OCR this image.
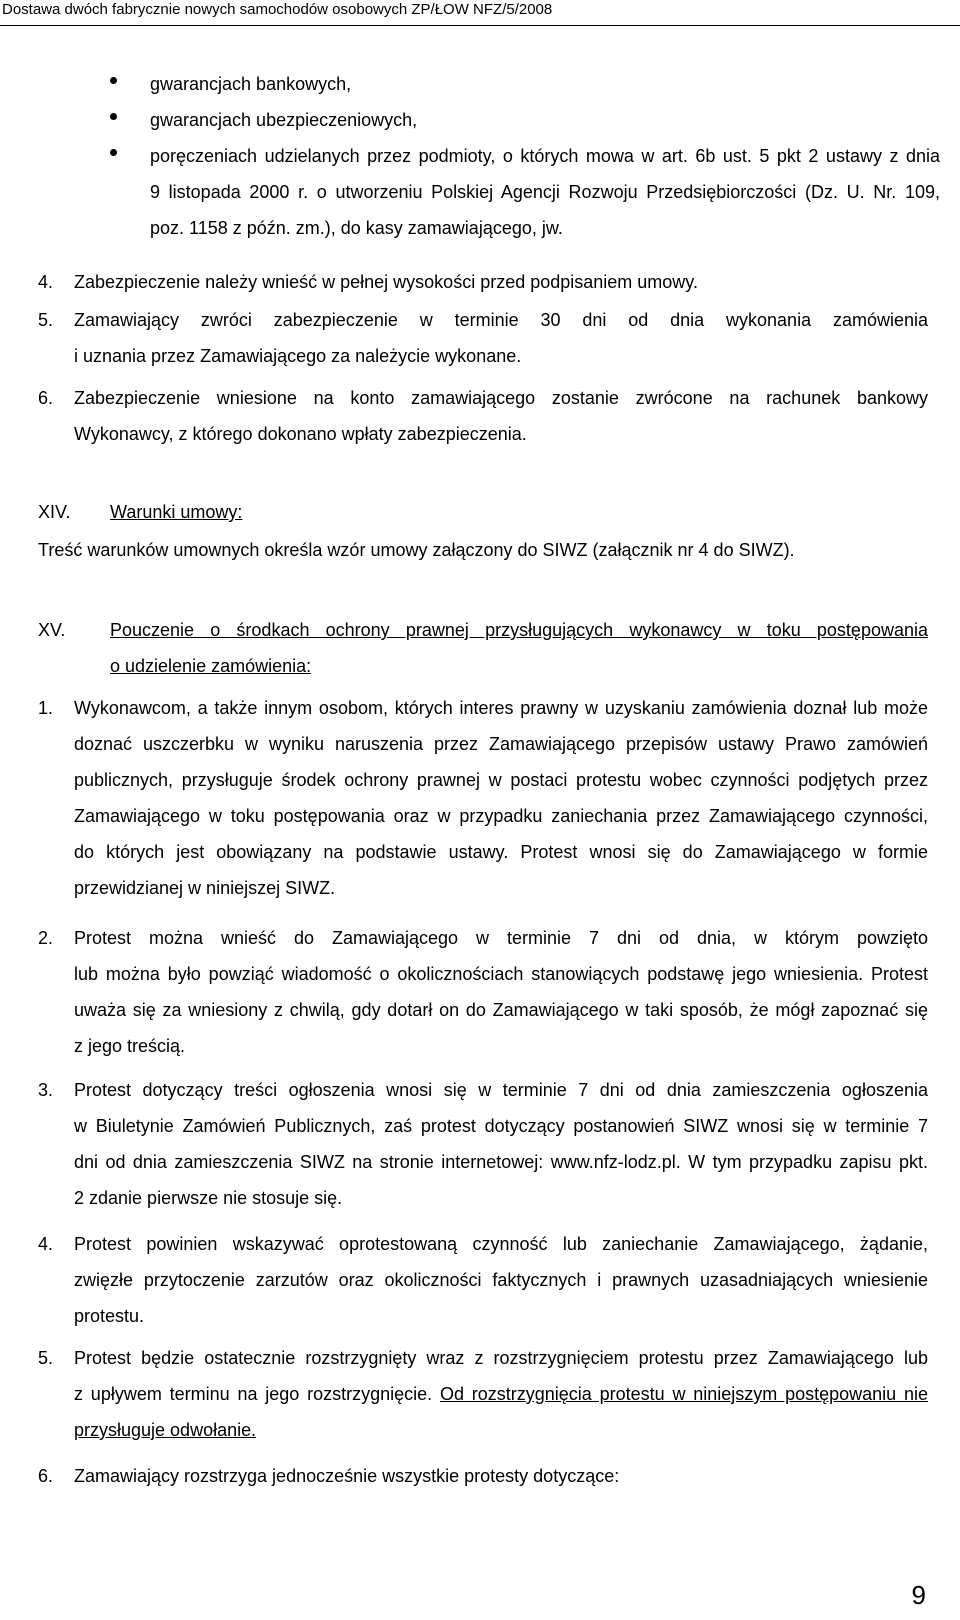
Dostawa dwóch fabrycznie nowych samochodów osobowych ZP/ŁOW NFZ/5/2008
gwarancjach bankowych,
gwarancjach ubezpieczeniowych,
poręczeniach udzielanych przez podmioty, o których mowa w art. 6b ust. 5 pkt 2 ustawy z dnia
9 listopada 2000 r. o utworzeniu Polskiej Agencji Rozwoju Przedsiębiorczości (Dz. U. Nr. 109,
poz. 1158 z późn. zm.), do kasy zamawiającego, jw.
4. Zabezpieczenie należy wnieść w pełnej wysokości przed podpisaniem umowy.
5. Zamawiający zwróci zabezpieczenie w terminie 30 dni od dnia wykonania zamówienia
i uznania przez Zamawiającego za należycie wykonane.
6. Zabezpieczenie wniesione na konto zamawiającego zostanie zwrócone na rachunek bankowy
Wykonawcy, z którego dokonano wpłaty zabezpieczenia.
XIV. Warunki umowy:
Treść warunków umownych określa wzór umowy załączony do SIWZ (załącznik nr 4 do SIWZ).
XV. Pouczenie o środkach ochrony prawnej przysługujących wykonawcy w toku postępowania
o udzielenie zamówienia:
1. Wykonawcom, a także innym osobom, których interes prawny w uzyskaniu zamówienia doznał lub może
doznać uszczerbku w wyniku naruszenia przez Zamawiającego przepisów ustawy Prawo zamówień
publicznych, przysługuje środek ochrony prawnej w postaci protestu wobec czynności podjętych przez
Zamawiającego w toku postępowania oraz w przypadku zaniechania przez Zamawiającego czynności,
do których jest obowiązany na podstawie ustawy. Protest wnosi się do Zamawiającego w formie
przewidzianej w niniejszej SIWZ.
2. Protest można wnieść do Zamawiającego w terminie 7 dni od dnia, w którym powzięto
lub można było powziąć wiadomość o okolicznościach stanowiących podstawę jego wniesienia. Protest
uważa się za wniesiony z chwilą, gdy dotarł on do Zamawiającego w taki sposób, że mógł zapoznać się
z jego treścią.
3. Protest dotyczący treści ogłoszenia wnosi się w terminie 7 dni od dnia zamieszczenia ogłoszenia
w Biuletynie Zamówień Publicznych, zaś protest dotyczący postanowień SIWZ wnosi się w terminie 7
dni od dnia zamieszczenia SIWZ na stronie internetowej: www.nfz-lodz.pl. W tym przypadku zapisu pkt.
2 zdanie pierwsze nie stosuje się.
4. Protest powinien wskazywać oprotestowaną czynność lub zaniechanie Zamawiającego, żądanie,
zwięzłe przytoczenie zarzutów oraz okoliczności faktycznych i prawnych uzasadniających wniesienie
protestu.
5. Protest będzie ostatecznie rozstrzygnięty wraz z rozstrzygnięciem protestu przez Zamawiającego lub
z upływem terminu na jego rozstrzygnięcie. Od rozstrzygnięcia protestu w niniejszym postępowaniu nie
przysługuje odwołanie.
6. Zamawiający rozstrzyga jednocześnie wszystkie protesty dotyczące:
9
